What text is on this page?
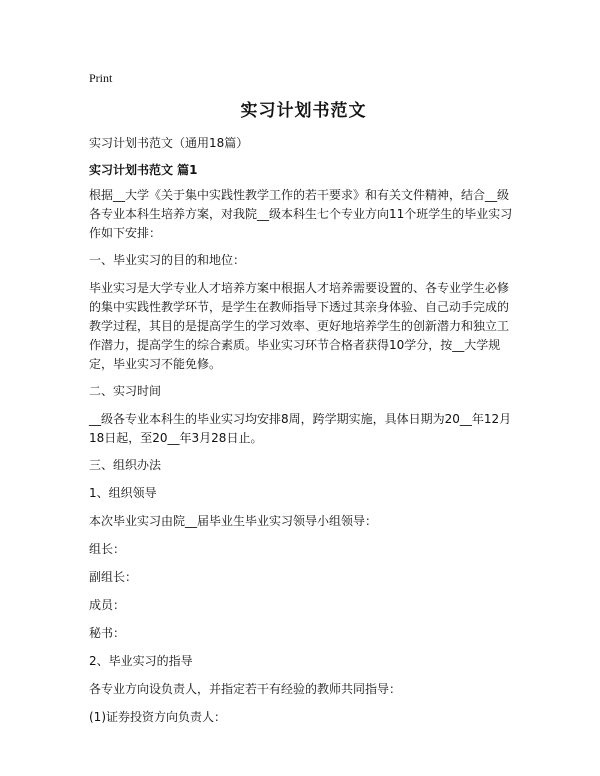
Print
实习计划书范文

实习计划书范文（通用18篇）

实习计划书范文 篇1

根据__大学《关于集中实践性教学工作的若干要求》和有关文件精神，结合__级各专业本科生培养方案，对我院__级本科生七个专业方向11个班学生的毕业实习作如下安排：

一、毕业实习的目的和地位：

毕业实习是大学专业人才培养方案中根据人才培养需要设置的、各专业学生必修的集中实践性教学环节，是学生在教师指导下透过其亲身体验、自己动手完成的教学过程，其目的是提高学生的学习效率、更好地培养学生的创新潜力和独立工作潜力，提高学生的综合素质。毕业实习环节合格者获得10学分，按__大学规定，毕业实习不能免修。

二、实习时间

__级各专业本科生的毕业实习均安排8周，跨学期实施，具体日期为20__年12月18日起，至20__年3月28日止。

三、组织办法

1、组织领导

本次毕业实习由院__届毕业生毕业实习领导小组领导：

组长：

副组长：

成员：

秘书：

2、毕业实习的指导

各专业方向设负责人，并指定若干有经验的教师共同指导：

(1)证券投资方向负责人：
